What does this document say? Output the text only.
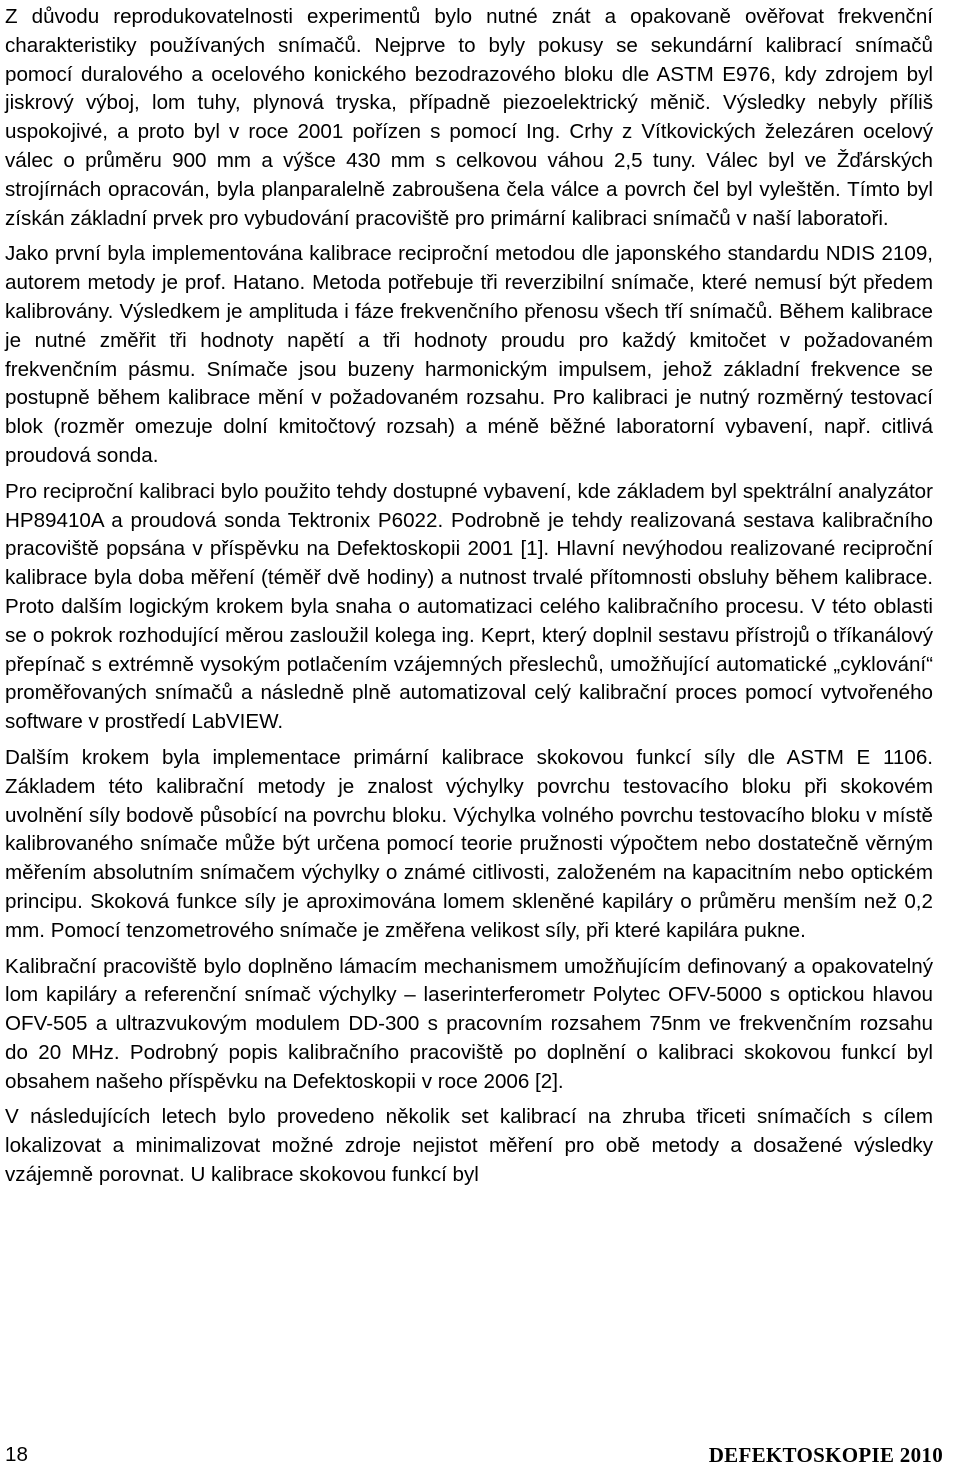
Z důvodu reprodukovatelnosti experimentů bylo nutné znát a opakovaně ověřovat frekvenční charakteristiky používaných snímačů. Nejprve to byly pokusy se sekundární kalibrací snímačů pomocí duralového a ocelového konického bezodrazového bloku dle ASTM E976, kdy zdrojem byl jiskrový výboj, lom tuhy, plynová tryska, případně piezoelektrický měnič. Výsledky nebyly příliš uspokojivé, a proto byl v roce 2001 pořízen s pomocí Ing. Crhy z Vítkovických železáren ocelový válec o průměru 900 mm a výšce 430 mm s celkovou váhou 2,5 tuny. Válec byl ve Žďárských strojírnách opracován, byla planparalelně zabroušena čela válce a povrch čel byl vyleštěn. Tímto byl získán základní prvek pro vybudování pracoviště pro primární kalibraci snímačů v naší laboratoři.

Jako první byla implementována kalibrace reciproční metodou dle japonského standardu NDIS 2109, autorem metody je prof. Hatano. Metoda potřebuje tři reverzibilní snímače, které nemusí být předem kalibrovány. Výsledkem je amplituda i fáze frekvenčního přenosu všech tří snímačů. Během kalibrace je nutné změřit tři hodnoty napětí a tři hodnoty proudu pro každý kmitočet v požadovaném frekvenčním pásmu. Snímače jsou buzeny harmonickým impulsem, jehož základní frekvence se postupně během kalibrace mění v požadovaném rozsahu. Pro kalibraci je nutný rozměrný testovací blok (rozměr omezuje dolní kmitočtový rozsah) a méně běžné laboratorní vybavení, např. citlivá proudová sonda.

Pro reciproční kalibraci bylo použito tehdy dostupné vybavení, kde základem byl spektrální analyzátor HP89410A a proudová sonda Tektronix P6022. Podrobně je tehdy realizovaná sestava kalibračního pracoviště popsána v příspěvku na Defektoskopii 2001 [1]. Hlavní nevýhodou realizované reciproční kalibrace byla doba měření (téměř dvě hodiny) a nutnost trvalé přítomnosti obsluhy během kalibrace. Proto dalším logickým krokem byla snaha o automatizaci celého kalibračního procesu. V této oblasti se o pokrok rozhodující měrou zasloužil kolega ing. Keprt, který doplnil sestavu přístrojů o tříkanálový přepínač s extrémně vysokým potlačením vzájemných přeslechů, umožňující automatické „cyklování“ proměřovaných snímačů a následně plně automatizoval celý kalibrační proces pomocí vytvořeného software v prostředí LabVIEW.

Dalším krokem byla implementace primární kalibrace skokovou funkcí síly dle ASTM E 1106. Základem této kalibrační metody je znalost výchylky povrchu testovacího bloku při skokovém uvolnění síly bodově působící na povrchu bloku. Výchylka volného povrchu testovacího bloku v místě kalibrovaného snímače může být určena pomocí teorie pružnosti výpočtem nebo dostatečně věrným měřením absolutním snímačem výchylky o známé citlivosti, založeném na kapacitním nebo optickém principu. Skoková funkce síly je aproximována lomem skleněné kapiláry o průměru menším než 0,2 mm. Pomocí tenzometrového snímače je změřena velikost síly, při které kapilára pukne.

Kalibrační pracoviště bylo doplněno lámacím mechanismem umožňujícím definovaný a opakovatelný lom kapiláry a referenční snímač výchylky – laserinterferometr Polytec OFV-5000 s optickou hlavou OFV-505 a ultrazvukovým modulem DD-300 s pracovním rozsahem 75nm ve frekvenčním rozsahu do 20 MHz. Podrobný popis kalibračního pracoviště po doplnění o kalibraci skokovou funkcí byl obsahem našeho příspěvku na Defektoskopii v roce 2006 [2].

V následujících letech bylo provedeno několik set kalibrací na zhruba třiceti snímačích s cílem lokalizovat a minimalizovat možné zdroje nejistot měření pro obě metody a dosažené výsledky vzájemně porovnat. U kalibrace skokovou funkcí byl

18	DEFEKTOSKOPIE 2010
